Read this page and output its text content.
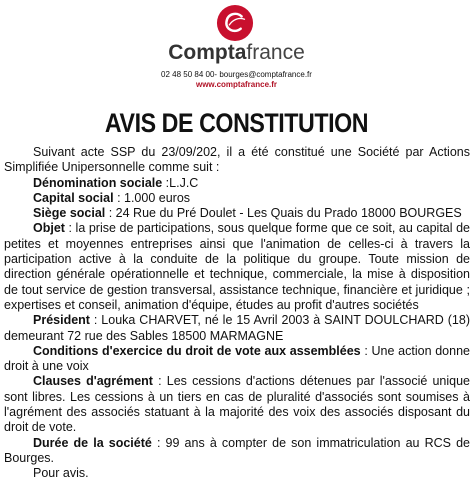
Comptafrance
02 48 50 84 00- bourges@comptafrance.fr
www.comptafrance.fr
AVIS DE CONSTITUTION

Suivant acte SSP du 23/09/202, il a été constitué une Société par Actions Simplifiée Unipersonnelle comme suit :

Dénomination sociale :L.J.C

Capital social : 1.000 euros

Siège social : 24 Rue du Pré Doulet - Les Quais du Prado 18000 BOURGES

Objet : la prise de participations, sous quelque forme que ce soit, au capital de petites et moyennes entreprises ainsi que l'animation de celles-ci à travers la participation active à la conduite de la politique du groupe. Toute mission de direction générale opérationnelle et technique, commerciale, la mise à disposition de tout service de gestion transversal, assistance technique, financière et juridique ; expertises et conseil, animation d'équipe, études au profit d'autres sociétés

Président : Louka CHARVET, né le 15 Avril 2003 à SAINT DOULCHARD (18) demeurant 72 rue des Sables 18500 MARMAGNE

Conditions d'exercice du droit de vote aux assemblées : Une action donne droit à une voix

Clauses d'agrément : Les cessions d'actions détenues par l'associé unique sont libres. Les cessions à un tiers en cas de pluralité d'associés sont soumises à l'agrément des associés statuant à la majorité des voix des associés disposant du droit de vote.

Durée de la société : 99 ans à compter de son immatriculation au RCS de Bourges.

Pour avis.
